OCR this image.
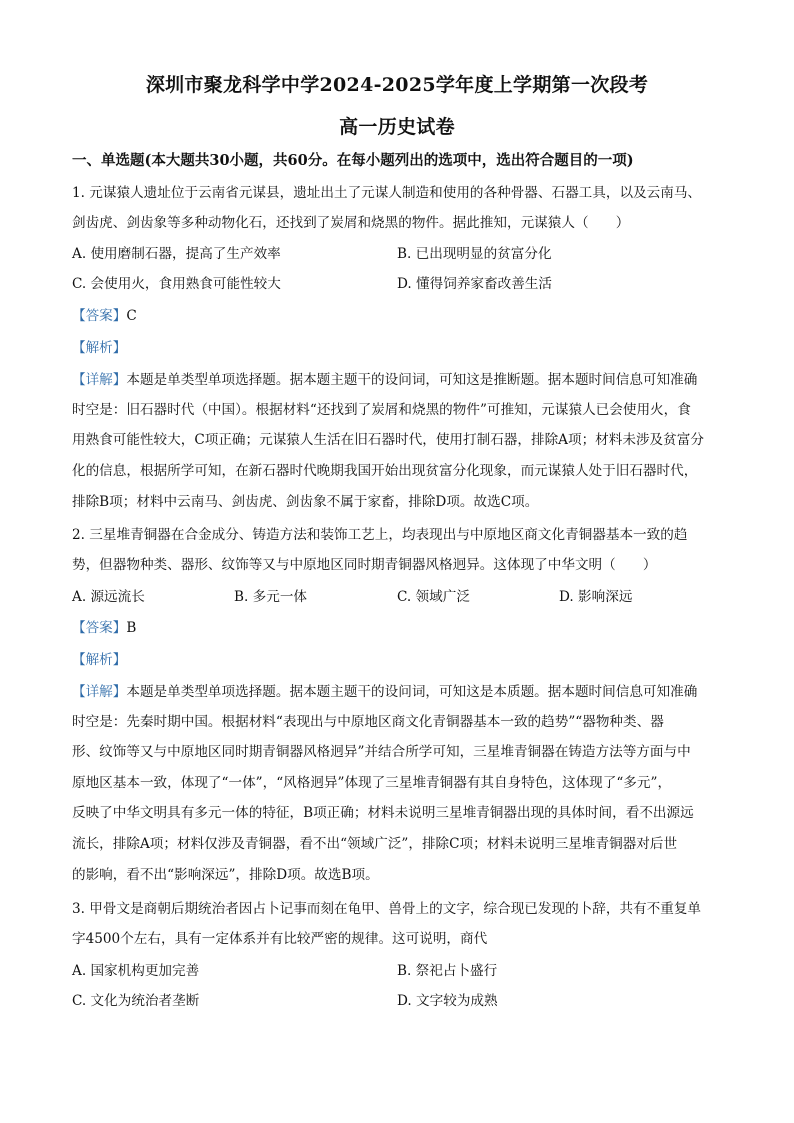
深圳市聚龙科学中学2024-2025学年度上学期第一次段考
高一历史试卷
一、单选题(本大题共30小题，共60分。在每小题列出的选项中，选出符合题目的一项)
1. 元谋猿人遗址位于云南省元谋县，遗址出土了元谋人制造和使用的各种骨器、石器工具，以及云南马、
剑齿虎、剑齿象等多种动物化石，还找到了炭屑和烧黑的物件。据此推知，元谋猿人（　　）
A. 使用磨制石器，提高了生产效率	B. 已出现明显的贫富分化
C. 会使用火，食用熟食可能性较大	D. 懂得饲养家畜改善生活
【答案】C
【解析】
【详解】本题是单类型单项选择题。据本题主题干的设问词，可知这是推断题。据本题时间信息可知准确
时空是：旧石器时代（中国）。根据材料“还找到了炭屑和烧黑的物件”可推知，元谋猿人已会使用火，食
用熟食可能性较大，C项正确；元谋猿人生活在旧石器时代，使用打制石器，排除A项；材料未涉及贫富分
化的信息，根据所学可知，在新石器时代晚期我国开始出现贫富分化现象，而元谋猿人处于旧石器时代，
排除B项；材料中云南马、剑齿虎、剑齿象不属于家畜，排除D项。故选C项。
2. 三星堆青铜器在合金成分、铸造方法和装饰工艺上，均表现出与中原地区商文化青铜器基本一致的趋
势，但器物种类、器形、纹饰等又与中原地区同时期青铜器风格迥异。这体现了中华文明（　　）
A. 源远流长	B. 多元一体	C. 领域广泛	D. 影响深远
【答案】B
【解析】
【详解】本题是单类型单项选择题。据本题主题干的设问词，可知这是本质题。据本题时间信息可知准确
时空是：先秦时期中国。根据材料“表现出与中原地区商文化青铜器基本一致的趋势”“器物种类、器
形、纹饰等又与中原地区同时期青铜器风格迥异”并结合所学可知，三星堆青铜器在铸造方法等方面与中
原地区基本一致，体现了“一体”，“风格迥异”体现了三星堆青铜器有其自身特色，这体现了“多元”，
反映了中华文明具有多元一体的特征，B项正确；材料未说明三星堆青铜器出现的具体时间，看不出源远
流长，排除A项；材料仅涉及青铜器，看不出“领域广泛”，排除C项；材料未说明三星堆青铜器对后世
的影响，看不出“影响深远”，排除D项。故选B项。
3. 甲骨文是商朝后期统治者因占卜记事而刻在龟甲、兽骨上的文字，综合现已发现的卜辞，共有不重复单
字4500个左右，具有一定体系并有比较严密的规律。这可说明，商代
A. 国家机构更加完善	B. 祭祀占卜盛行
C. 文化为统治者垄断	D. 文字较为成熟
